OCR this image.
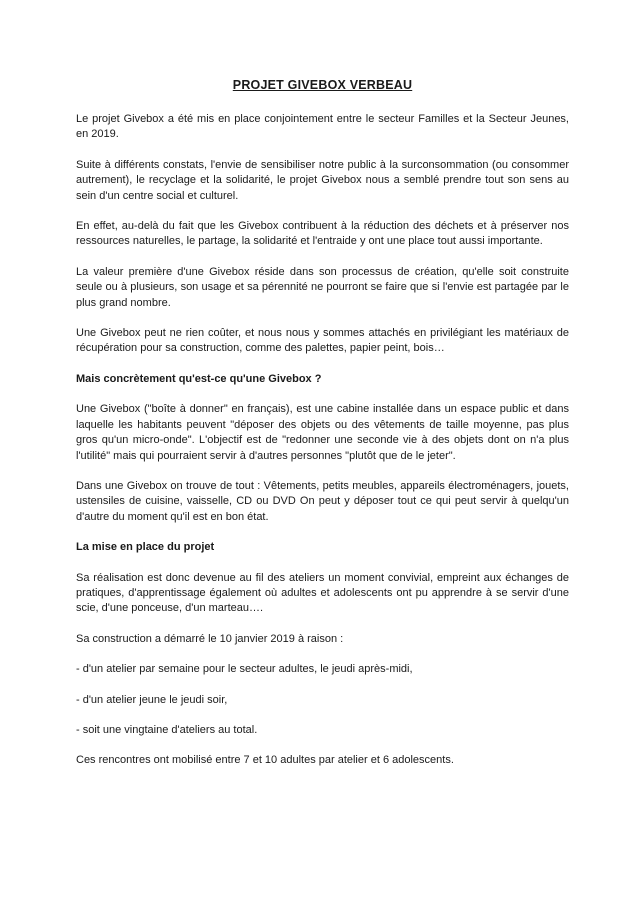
PROJET GIVEBOX VERBEAU
Le projet Givebox a été mis en place conjointement entre le secteur Familles et la Secteur Jeunes, en 2019.
Suite à différents constats, l'envie de sensibiliser notre public à la surconsommation (ou consommer autrement), le recyclage et la solidarité, le projet Givebox nous a semblé prendre tout son sens au sein d'un centre social et culturel.
En effet, au-delà du fait que les Givebox contribuent à la réduction des déchets et à préserver nos ressources naturelles, le partage, la solidarité et l'entraide y ont une place tout aussi importante.
La valeur première d'une Givebox réside dans son processus de création, qu'elle soit construite seule ou à plusieurs, son usage et sa pérennité ne pourront se faire que si l'envie est partagée par le plus grand nombre.
Une Givebox peut ne rien coûter, et nous nous y sommes attachés en privilégiant les matériaux de récupération pour sa construction, comme des palettes, papier peint, bois…
Mais concrètement qu'est-ce qu'une Givebox ?
Une Givebox ("boîte à donner" en français), est une cabine installée dans un espace public et dans laquelle les habitants peuvent "déposer des objets ou des vêtements de taille moyenne, pas plus gros qu'un micro-onde". L'objectif est de "redonner une seconde vie à des objets dont on n'a plus l'utilité" mais qui pourraient servir à d'autres personnes "plutôt que de le jeter".
Dans une Givebox on trouve de tout : Vêtements, petits meubles, appareils électroménagers, jouets, ustensiles de cuisine, vaisselle, CD ou DVD On peut y déposer tout ce qui peut servir à quelqu'un d'autre du moment qu'il est en bon état.
La mise en place du projet
Sa réalisation est donc devenue au fil des ateliers un moment convivial, empreint aux échanges de pratiques, d'apprentissage également où adultes et adolescents ont pu apprendre à se servir d'une scie, d'une ponceuse, d'un marteau….
Sa construction a démarré le 10 janvier 2019 à raison :
- d'un atelier par semaine pour le secteur adultes, le jeudi après-midi,
- d'un atelier jeune le jeudi soir,
- soit une vingtaine d'ateliers au total.
Ces rencontres ont mobilisé entre 7 et 10 adultes par atelier et 6 adolescents.
